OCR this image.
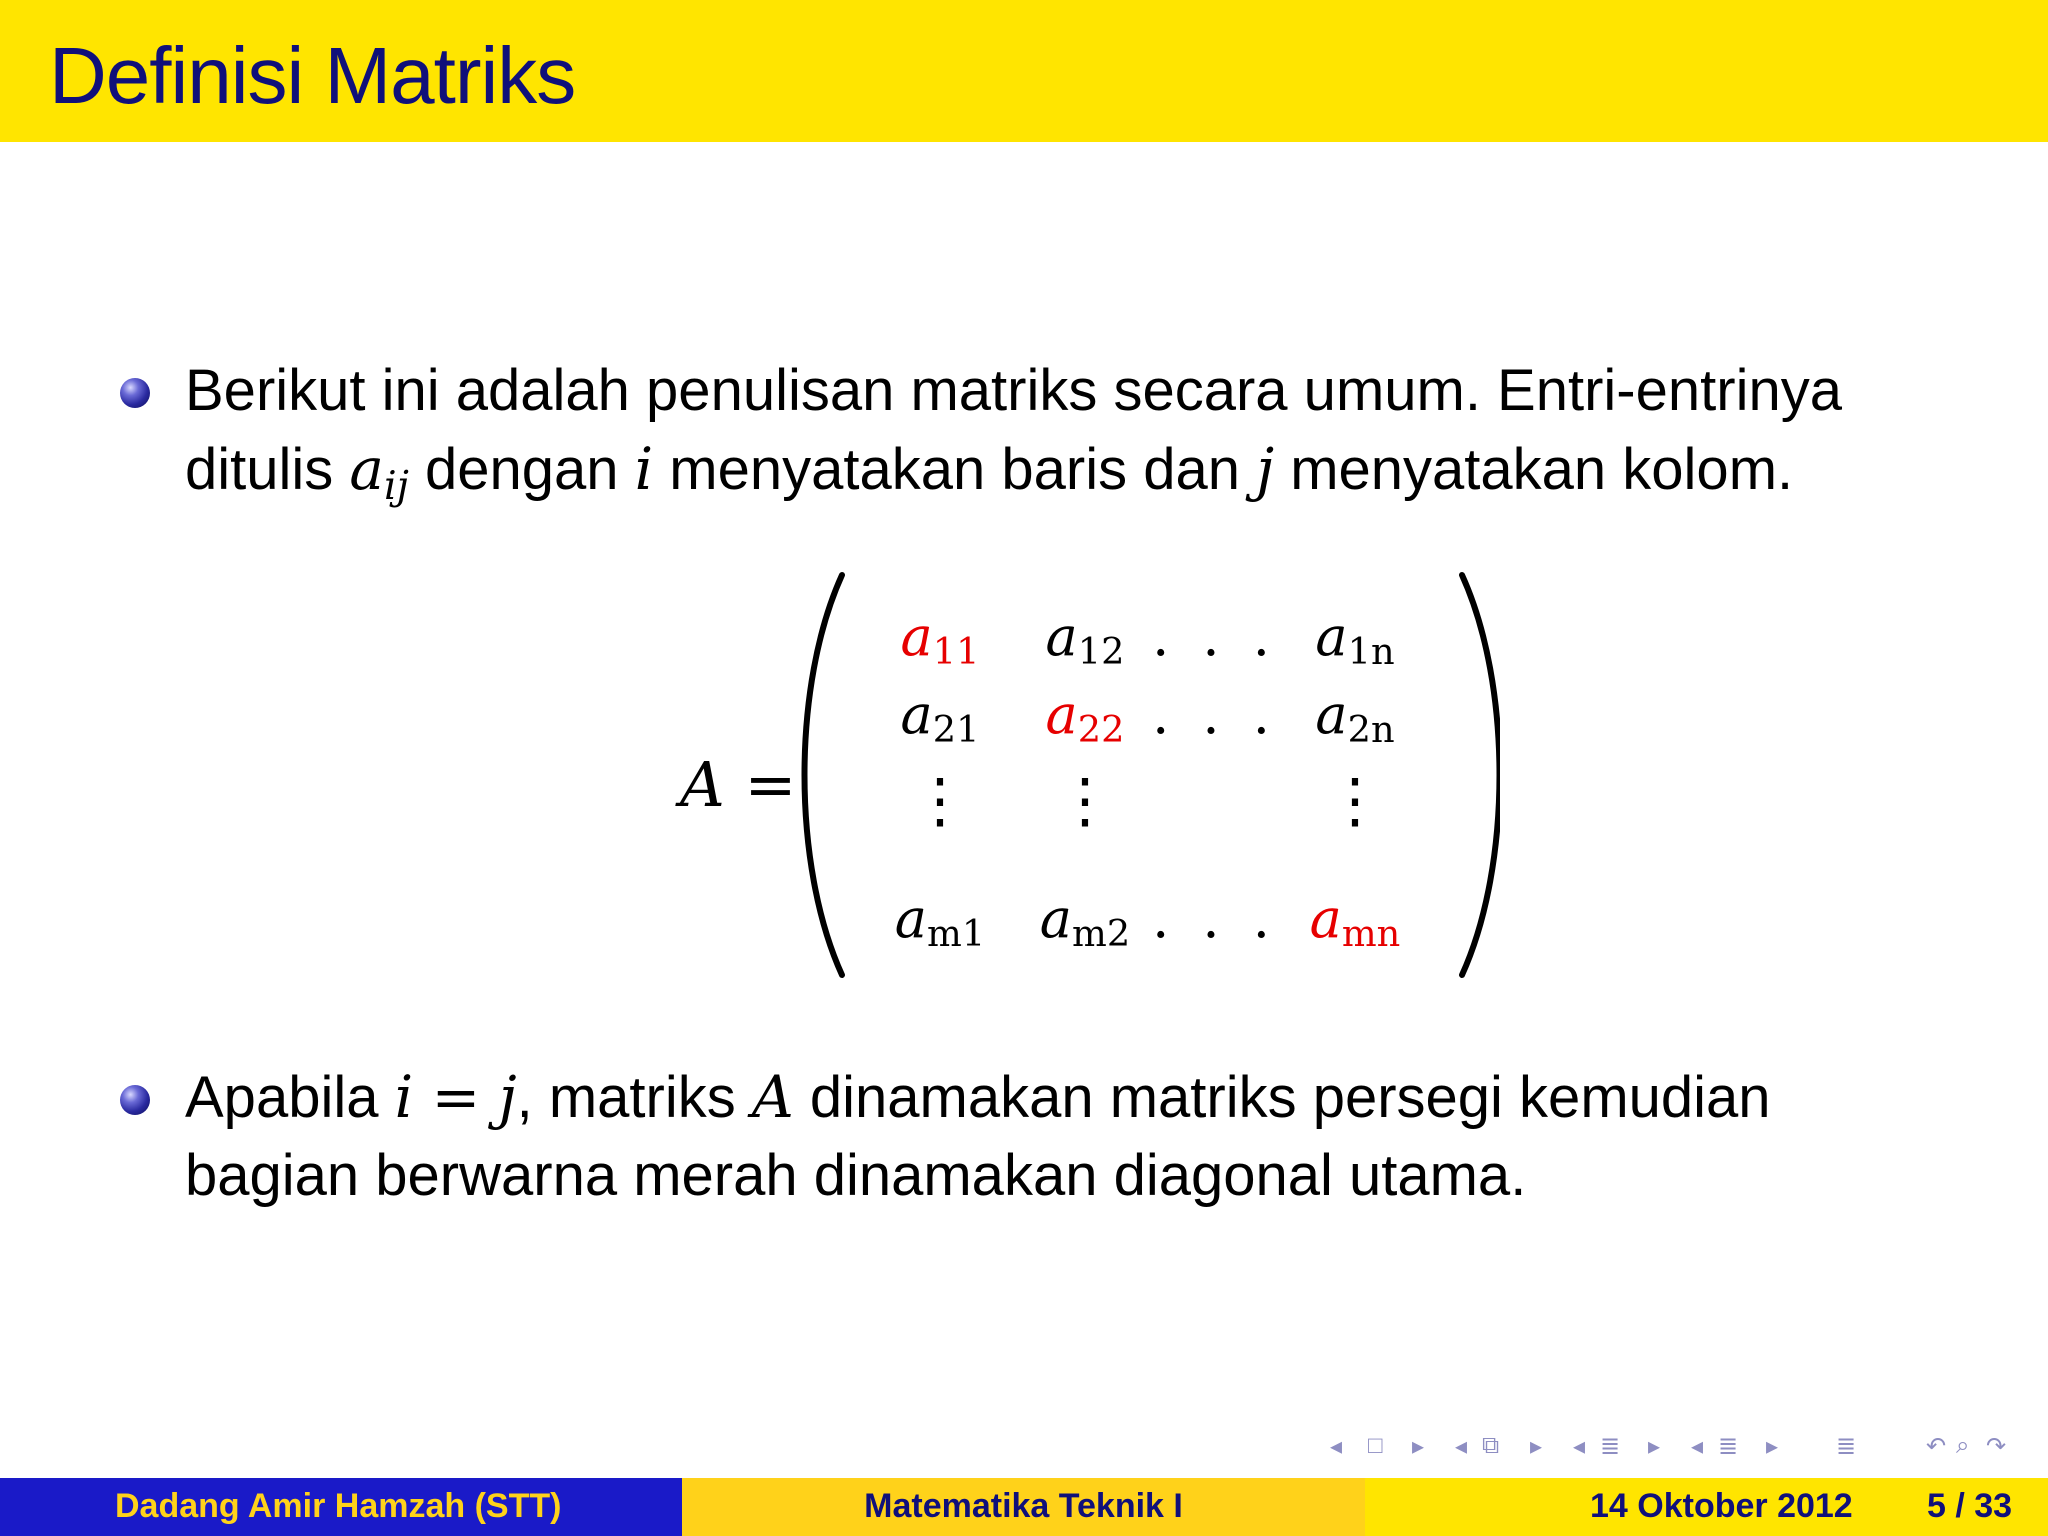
Definisi Matriks
Berikut ini adalah penulisan matriks secara umum. Entri-entrinya
ditulis $a_{ij}$ dengan i menyatakan baris dan j menyatakan kolom.
A =
$a_{11}$	$a_{12}$ . . . $a_{1n}$
$a_{21}$	$a_{22}$ . . . $a_{2n}$
⋮	⋮	⋮
$a_{m1}$	$a_{m2}$ . . . $a_{mn}$
Apabila i = j, matriks A dinamakan matriks persegi kemudian
bagian berwarna merah dinamakan diagonal utama.
◂ □ ▸ ◂ ⧉ ▸ ◂ ≣ ▸ ◂ ≣ ▸ ≣	↶ ⌕ ↷
Dadang Amir Hamzah (STT)	Matematika Teknik I	14 Oktober 2012 5 / 33
